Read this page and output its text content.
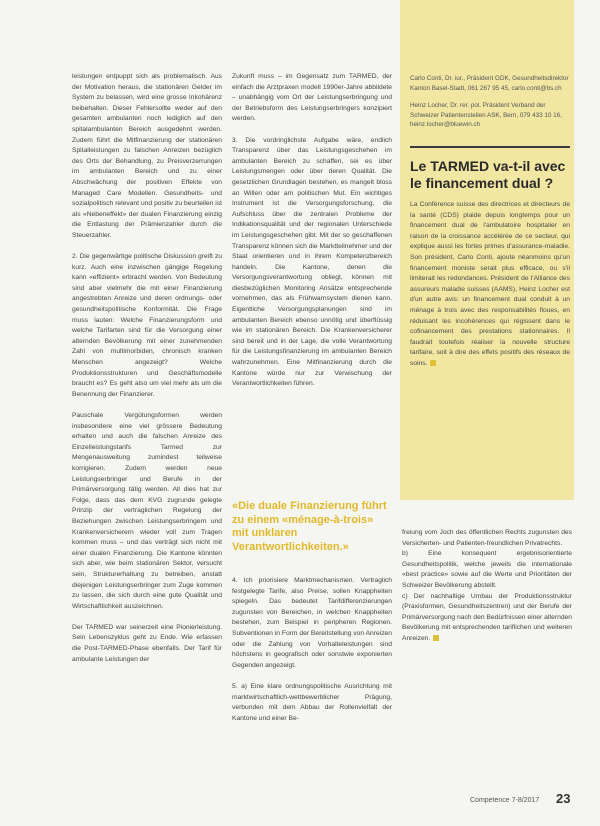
leistungen entpuppt sich als problematisch. Aus der Motivation heraus, die stationären Gelder im System zu belassen, wird eine grosse Inkohärenz beibehalten. Dieser Fehlersollte weder auf den gesamten ambulanten noch lediglich auf den spitalambulanten Bereich ausgedehnt werden. Zudem führt die Mitfinanzierung der stationären Spitalleistungen zu falschen Anreizen bezüglich des Orts der Behandlung, zu Preisverzerrungen im ambulanten Bereich und zu einer Abschwächung der positiven Effekte von Managed Care Modellen. Gesundheits- und sozialpolitisch relevant und positiv zu beurteilen ist als «Nebeneffekt» der dualen Finanzierung einzig die Entlastung der Prämienzahler durch die Steuerzahler.

2. Die gegenwärtige politische Diskussion greift zu kurz. Auch eine inzwischen gängige Regelung kann «effizient» erbracht werden. Von Bedeutung sind aber vielmehr die mit einer Finanzierung angestrebten Anreize und deren ordnungs- oder gesundheitspolitische Konformität. Die Frage muss lauten: Welche Finanzierungsform und welche Tarifarten sind für die Versorgung einer alternden Bevölkerung mit einer zunehmenden Zahl von multimorbiden, chronisch kranken Menschen angezeigt? Welche Produktionsstrukturen und Geschäftsmodelle braucht es? Es geht also um viel mehr als um die Benennung der Finanzierer.

Pauschale Vergütungsformen werden insbesondere eine viel grössere Bedeutung erhalten und auch die falschen Anreize des Einzelleistungstarifs Tarmed zur Mengenausweitung zumindest teilweise korrigieren. Zudem werden neue Leistungserbringer und Berufe in der Primärversorgung tätig werden. All dies hat zur Folge, dass das dem KVG zugrunde gelegte Prinzip der vertraglichen Regelung der Beziehungen zwischen Leistungserbringern und Krankenversicherern wieder voll zum Tragen kommen muss – und das verträgt sich nicht mit einer dualen Finanzierung. Die Kantone könnten sich aber, wie beim stationären Sektor, versucht sein, Strukturerhaltung zu betreiben, anstatt diejenigen Leistungserbringer zum Zuge kommen zu lassen, die sich durch eine gute Qualität und Wirtschaftlichkeit auszeichnen.

Der TARMED war seinerzeit eine Pionierleistung. Sein Lebenszyklus geht zu Ende. Wie erfassen die Post-TARMED-Phase ebenfalls. Der Tarif für ambulante Leistungen der

Zukunft muss – im Gegensatz zum TARMED, der einfach die Arztpraxen modell 1990er-Jahre abbildete – unabhängig vom Ort der Leistungserbringung und der Betriebsform des Leistungserbringers konzipiert werden.

3. Die vordringlichste Aufgabe wäre, endlich Transparenz über das Leistungsgeschehen im ambulanten Bereich zu schaffen, sei es über Leistungsmengen oder über deren Qualität. Die gesetzlichen Grundlagen bestehen, es mangelt bloss an Willen oder am politischen Mut. Ein wichtiges Instrument ist die Versorgungsforschung, die Aufschluss über die zentralen Probleme der Indikationsqualität und der regionalen Unterschiede im Leistungsgeschehen gibt. Mit der so geschaffenen Transparenz können sich die Marktteilnehmer und der Staat orientieren und in ihrem Kompetenzbereich handeln. Die Kantone, denen die Versorgungsverantwortung obliegt, können mit diesbezüglichen Monitoring Ansätze entsprechende vornehmen, das als Frühwarnsystem dienen kann. Eigentliche Versorgungsplanungen sind im ambulanten Bereich ebenso unnötig und überflüssig wie im stationären Bereich. Die Krankenversicherer sind bereit und in der Lage, die volle Verantwortung für die Leistungsfinanzierung im ambulanten Bereich wahrzunehmen. Eine Mitfinanzierung durch die Kantone würde nur zur Verwischung der Verantwortlichkeiten führen.

«Die duale Finanzierung führt zu einem «ménage-à-trois» mit unklaren Verantwortlichkeiten.»

4. Ich priorisiere Marktmechanismen. Vertraglich festgelegte Tarife, also Preise, sollen Knappheiten spiegeln. Das bedeutet Tarifdifferenzierungen zugunsten von Bereichen, in welchen Knappheiten bestehen, zum Beispiel in peripheren Regionen. Subventionen in Form der Bereitstellung von Anreizen oder die Zahlung von Vorhalteleistungen sind höchstens in geografisch oder sonstwie exponierten Gegenden angezeigt.

5. a) Eine klare ordnungspolitische Ausrichtung mit marktwirtschaftlich-wettbewerblicher Prägung, verbunden mit dem Abbau der Rollenvielfalt der Kantone und einer Be-

Carlo Conti, Dr. iur., Präsident GDK, Gesundheitsdirektor Kanton Basel-Stadt, 061 267 95 45, carlo.conti@bs.ch

Heinz Locher, Dr. rer. pol. Präsident Verband der Schweizer Patientenstellen ASK, Bern, 079 433 10 16, heinz.locher@bluewin.ch

Le TARMED va-t-il avec le financement dual ?

La Conférence suisse des directrices et directeurs de la santé (CDS) plaide depuis longtemps pour un financement dual de l'ambulatoire hospitalier en raison de la croissance accélérée de ce secteur, qui explique aussi les fortes primes d'assurance-maladie. Son président, Carlo Conti, ajoute néanmoins qu'un financement moniste serait plus efficace, ou s'il limiterait les redondances. Président de l'Alliance des assureurs maladie suisses (AAMS), Heinz Locher est d'un autre avis: un financement dual conduit à un ménage à trois avec des responsabilités floues, en réduisant les incohérences qui régissent dans le cofinancement des prestations stationnaires. Il faudrait toutefois réaliser la nouvelle structure tarifaire, soit à dire des effets positifs des réseaux de soins.

freiung vom Joch des öffentlichen Rechts zugunsten des Versicherten- und Patienten-freundlichen Privatrechts.

b) Eine konsequent ergebnisorientierte Gesundheitspolitik, welche jeweils die internationale «best practice» sowie auf die Werte und Prioritäten der Schweizer Bevölkerung abstellt.

c) Der nachhaltige Umbau der Produktionsstruktur (Praxisformen, Gesundheitszentren) und der Berufe der Primärversorgung nach den Bedürfnissen einer alternden Bevölkerung mit entsprechenden tariflichen und weiteren Anreizen.

Competence 7-8/2017 23
